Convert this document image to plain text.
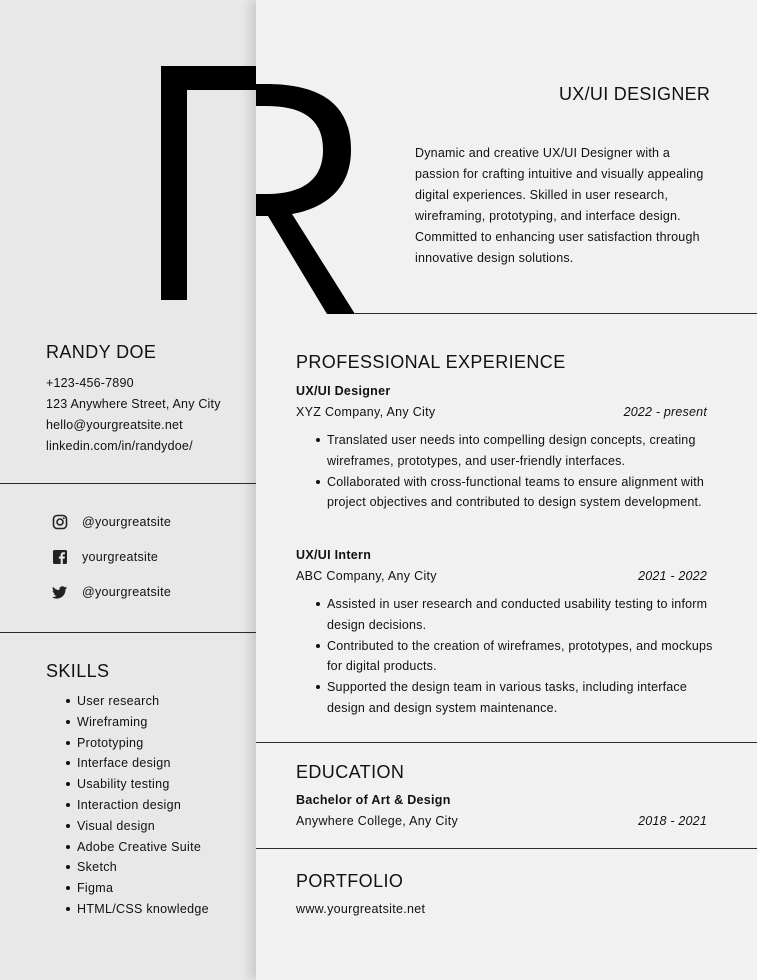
UX/UI DESIGNER
Dynamic and creative UX/UI Designer with a passion for crafting intuitive and visually appealing digital experiences. Skilled in user research, wireframing, prototyping, and interface design. Committed to enhancing user satisfaction through innovative design solutions.
RANDY DOE
+123-456-7890
123 Anywhere Street, Any City
hello@yourgreatsite.net
linkedin.com/in/randydoe/
@yourgreatsite
yourgreatsite
@yourgreatsite
SKILLS
User research
Wireframing
Prototyping
Interface design
Usability testing
Interaction design
Visual design
Adobe Creative Suite
Sketch
Figma
HTML/CSS knowledge
PROFESSIONAL EXPERIENCE
UX/UI Designer
XYZ Company, Any City	2022 - present
Translated user needs into compelling design concepts, creating wireframes, prototypes, and user-friendly interfaces.
Collaborated with cross-functional teams to ensure alignment with project objectives and contributed to design system development.
UX/UI Intern
ABC Company, Any City	2021 - 2022
Assisted in user research and conducted usability testing to inform design decisions.
Contributed to the creation of wireframes, prototypes, and mockups for digital products.
Supported the design team in various tasks, including interface design and design system maintenance.
EDUCATION
Bachelor of Art & Design
Anywhere College, Any City	2018 - 2021
PORTFOLIO
www.yourgreatsite.net
